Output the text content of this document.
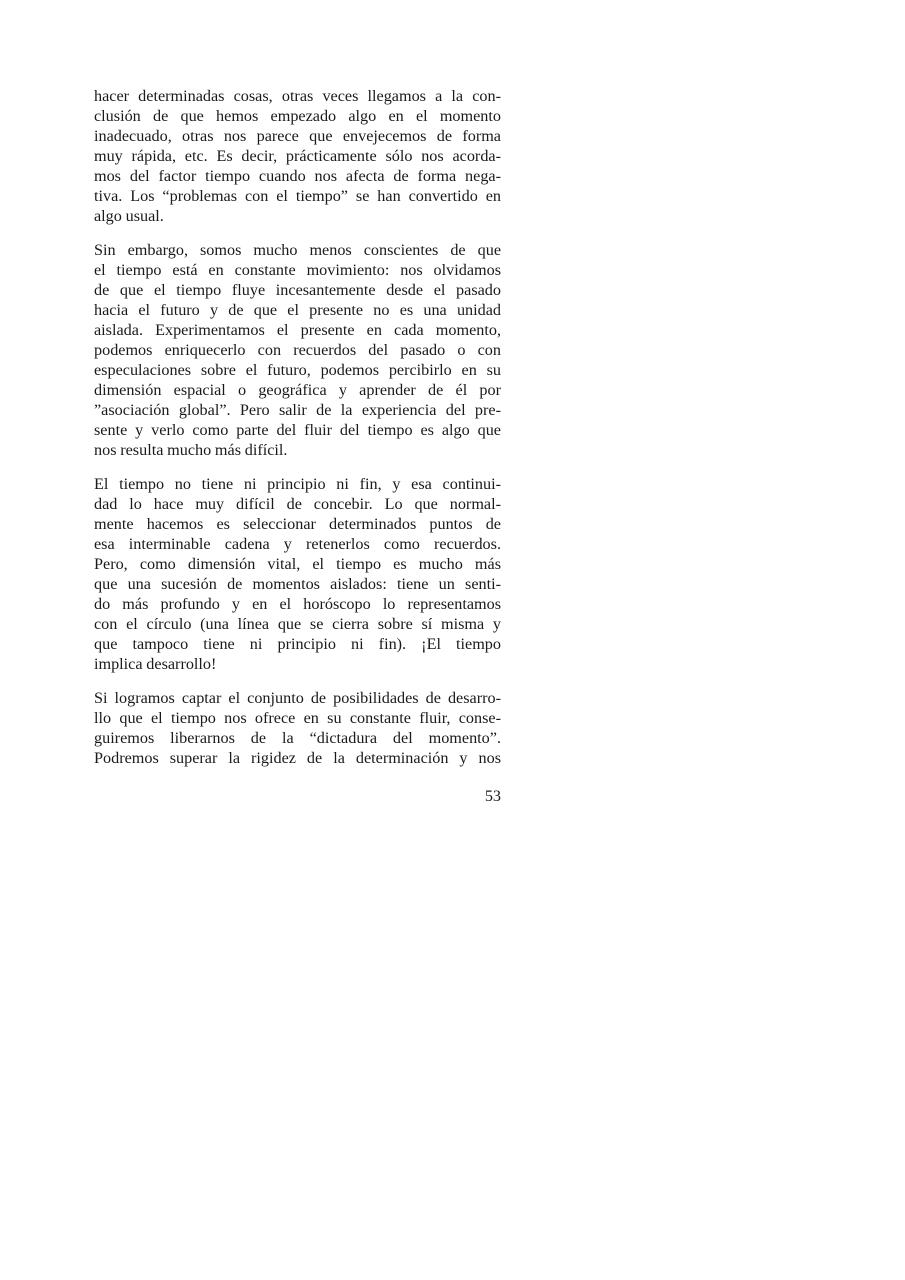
hacer determinadas cosas, otras veces llegamos a la con-
clusión de que hemos empezado algo en el momento
inadecuado, otras nos parece que envejecemos de forma
muy rápida, etc. Es decir, prácticamente sólo nos acorda-
mos del factor tiempo cuando nos afecta de forma nega-
tiva. Los “problemas con el tiempo” se han convertido en
algo usual.

Sin embargo, somos mucho menos conscientes de que
el tiempo está en constante movimiento: nos olvidamos
de que el tiempo fluye incesantemente desde el pasado
hacia el futuro y de que el presente no es una unidad
aislada. Experimentamos el presente en cada momento,
podemos enriquecerlo con recuerdos del pasado o con
especulaciones sobre el futuro, podemos percibirlo en su
dimensión espacial o geográfica y aprender de él por
”asociación global”. Pero salir de la experiencia del pre-
sente y verlo como parte del fluir del tiempo es algo que
nos resulta mucho más difícil.

El tiempo no tiene ni principio ni fin, y esa continui-
dad lo hace muy difícil de concebir. Lo que normal-
mente hacemos es seleccionar determinados puntos de
esa interminable cadena y retenerlos como recuerdos.
Pero, como dimensión vital, el tiempo es mucho más
que una sucesión de momentos aislados: tiene un senti-
do más profundo y en el horóscopo lo representamos
con el círculo (una línea que se cierra sobre sí misma y
que tampoco tiene ni principio ni fin). ¡El tiempo
implica desarrollo!

Si logramos captar el conjunto de posibilidades de desarro-
llo que el tiempo nos ofrece en su constante fluir, conse-
guiremos liberarnos de la “dictadura del momento”.
Podremos superar la rigidez de la determinación y nos

53
